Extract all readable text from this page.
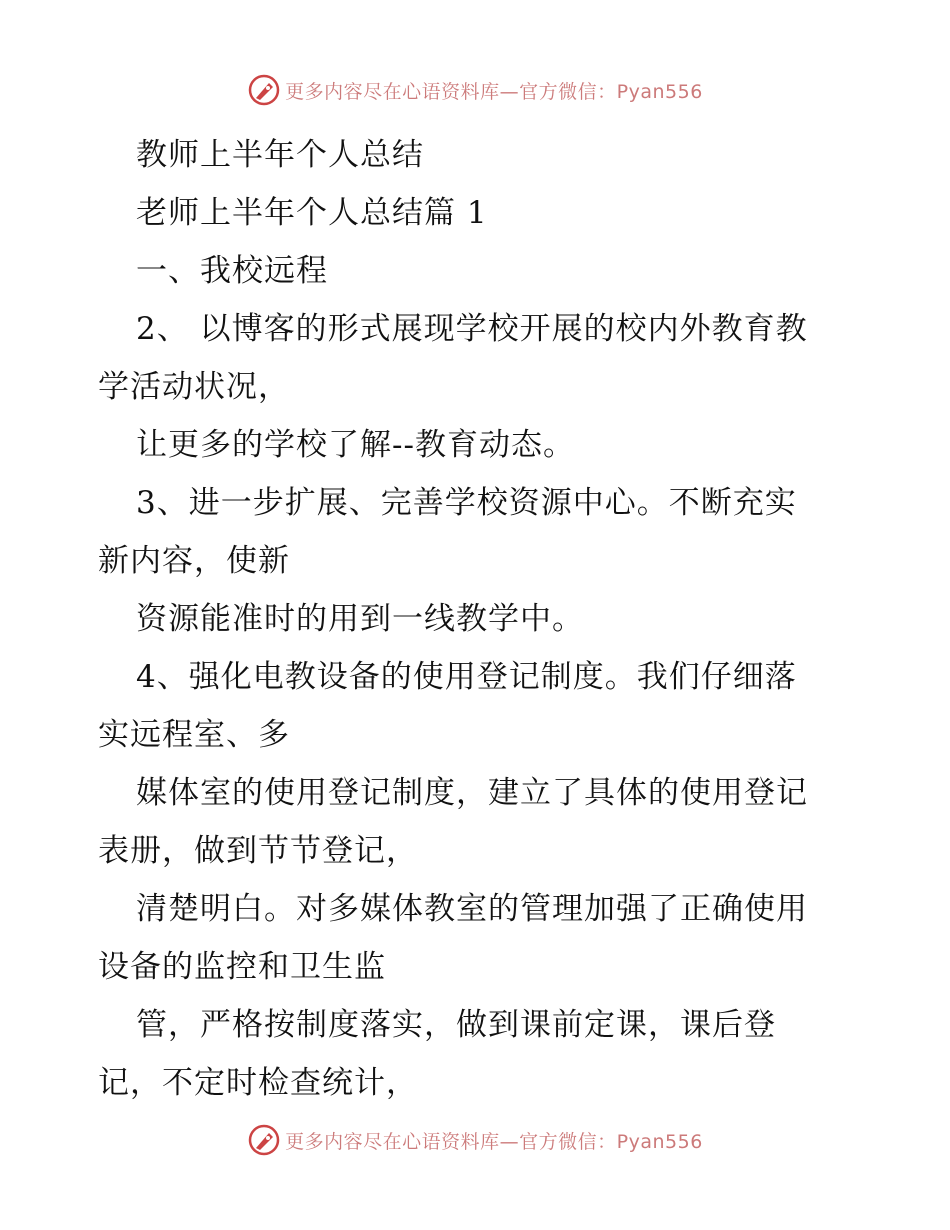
更多内容尽在心语资料库—官方微信：Pyan556

教师上半年个人总结

老师上半年个人总结篇 1

一、我校远程

2、 以博客的形式展现学校开展的校内外教育教

学活动状况，

让更多的学校了解--教育动态。

3、进一步扩展、完善学校资源中心。不断充实

新内容，使新

资源能准时的用到一线教学中。

4、强化电教设备的使用登记制度。我们仔细落

实远程室、多

媒体室的使用登记制度，建立了具体的使用登记

表册，做到节节登记，

清楚明白。对多媒体教室的管理加强了正确使用

设备的监控和卫生监

管，严格按制度落实，做到课前定课，课后登

记，不定时检查统计，

更多内容尽在心语资料库—官方微信：Pyan556
